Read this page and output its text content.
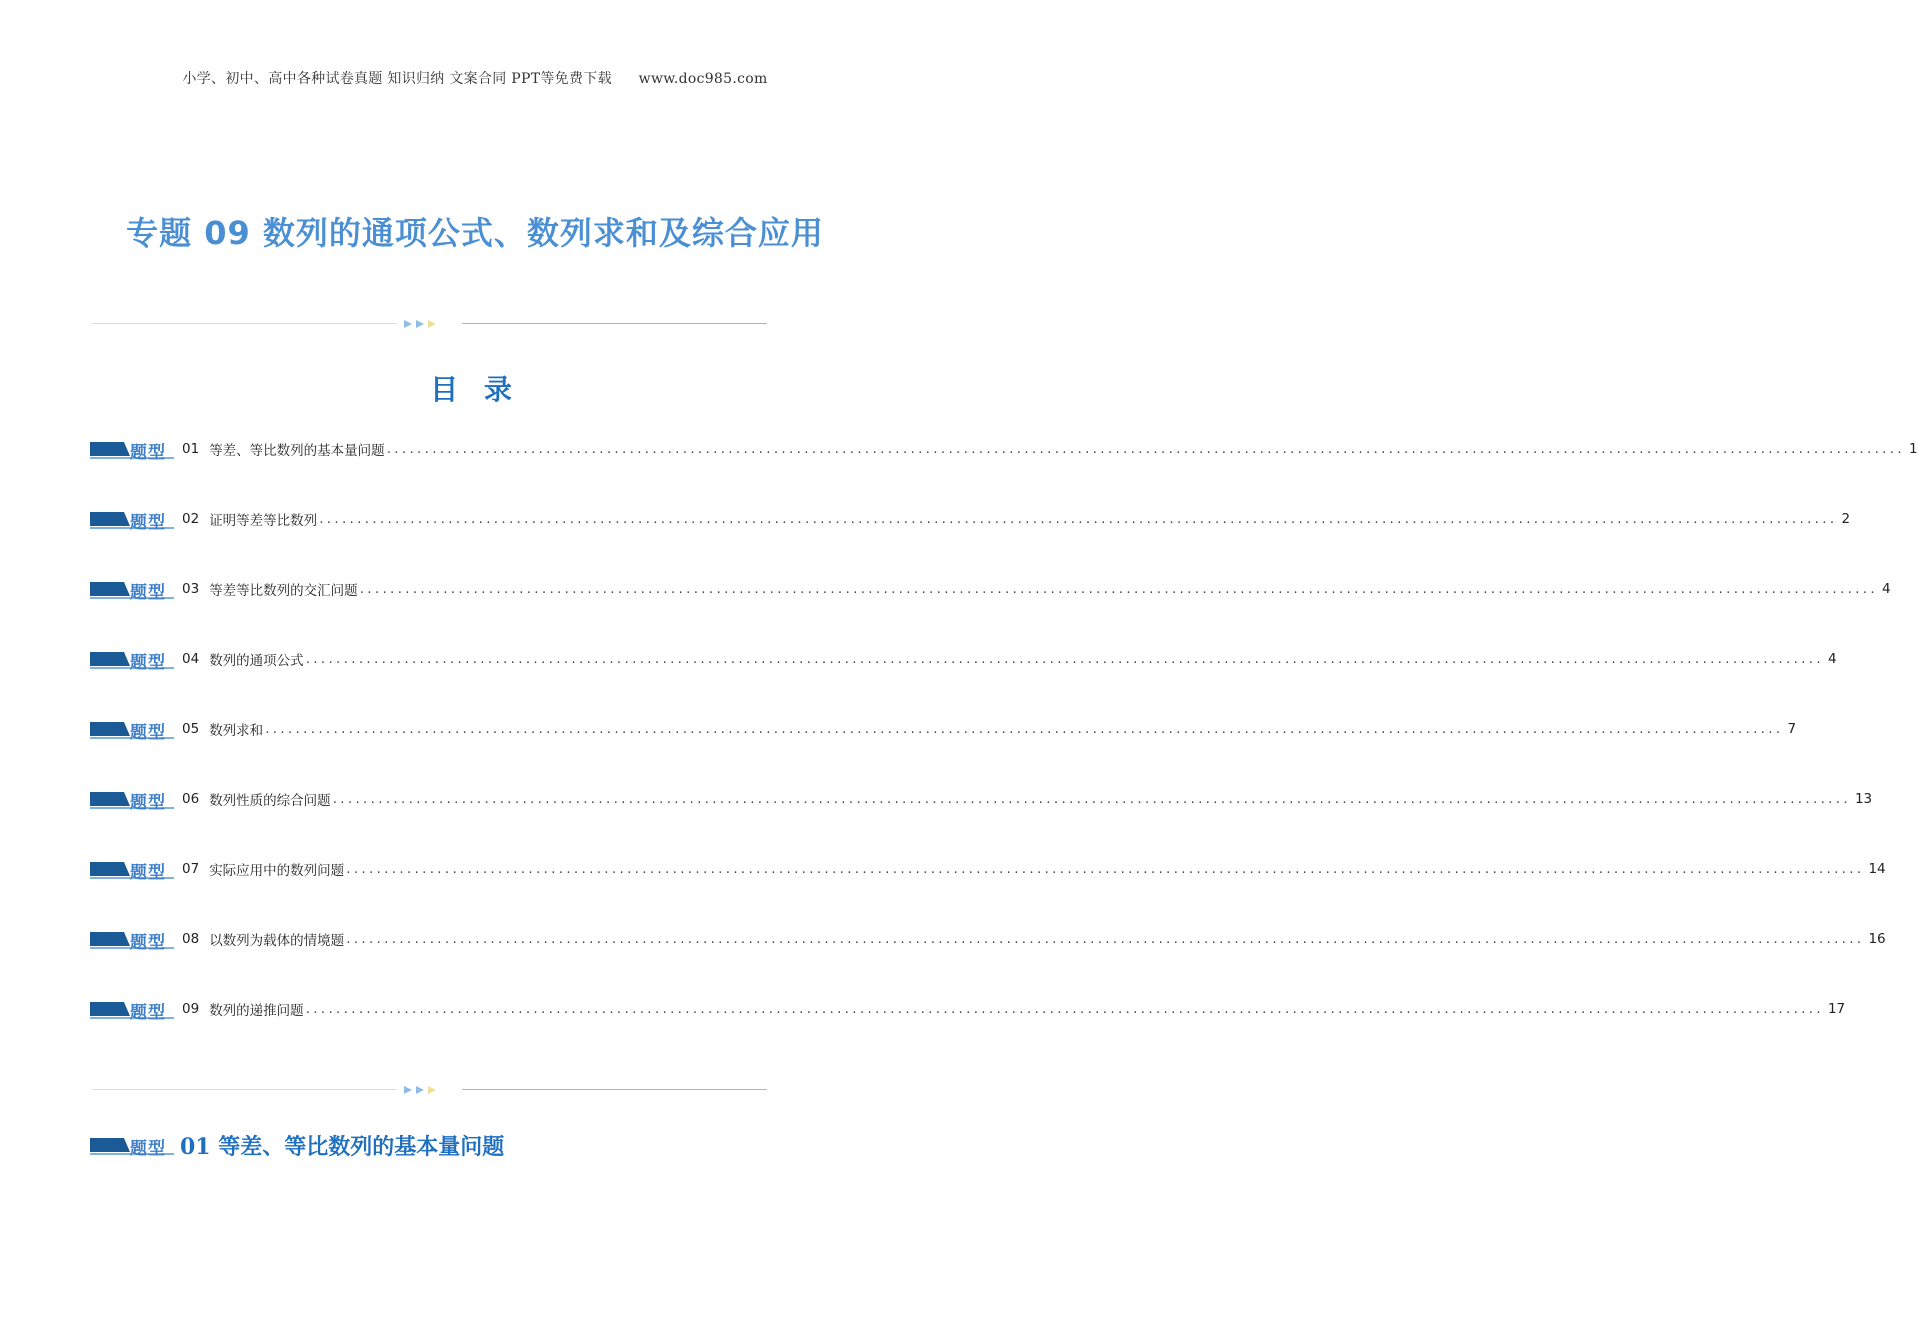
小学、初中、高中各种试卷真题 知识归纳 文案合同 PPT等免费下载 www.doc985.com
专题 09 数列的通项公式、数列求和及综合应用
目 录
题型 01 等差、等比数列的基本量问题 ........................................................................................................................................................................................................ 1
题型 02 证明等差等比数列 ........................................................................................................................................................................................................ 2
题型 03 等差等比数列的交汇问题 ........................................................................................................................................................................................................ 4
题型 04 数列的通项公式 ........................................................................................................................................................................................................ 4
题型 05 数列求和 ........................................................................................................................................................................................................ 7
题型 06 数列性质的综合问题 ........................................................................................................................................................................................................ 13
题型 07 实际应用中的数列问题 ........................................................................................................................................................................................................ 14
题型 08 以数列为载体的情境题 ........................................................................................................................................................................................................ 16
题型 09 数列的递推问题 ........................................................................................................................................................................................................ 17
题型 01 等差、等比数列的基本量问题
